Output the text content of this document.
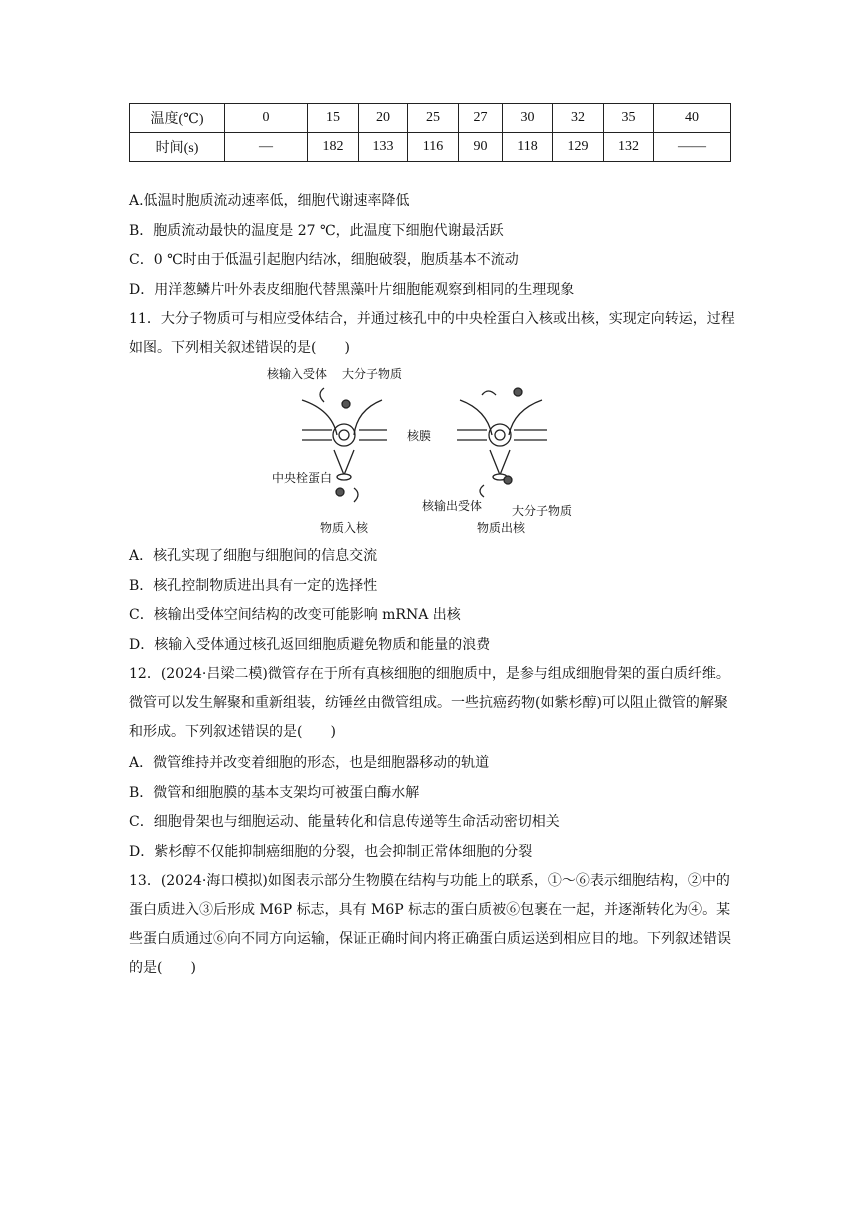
温度(℃)	0	15	20	25	27	30	32	35	40
时间(s)	—	182	133	116	90	118	129	132	——
A.低温时胞质流动速率低，细胞代谢速率降低
B．胞质流动最快的温度是 27 ℃，此温度下细胞代谢最活跃
C．0 ℃时由于低温引起胞内结冰，细胞破裂，胞质基本不流动
D．用洋葱鳞片叶外表皮细胞代替黑藻叶片细胞能观察到相同的生理现象
11．大分子物质可与相应受体结合，并通过核孔中的中央栓蛋白入核或出核，实现定向转运，过程如图。下列相关叙述错误的是(　　)
核输入受体 大分子物质
核膜
中央栓蛋白
核输出受体 大分子物质
物质入核	物质出核
A．核孔实现了细胞与细胞间的信息交流
B．核孔控制物质进出具有一定的选择性
C．核输出受体空间结构的改变可能影响 mRNA 出核
D．核输入受体通过核孔返回细胞质避免物质和能量的浪费
12．(2024·吕梁二模)微管存在于所有真核细胞的细胞质中，是参与组成细胞骨架的蛋白质纤维。微管可以发生解聚和重新组装，纺锤丝由微管组成。一些抗癌药物(如紫杉醇)可以阻止微管的解聚和形成。下列叙述错误的是(　　)
A．微管维持并改变着细胞的形态，也是细胞器移动的轨道
B．微管和细胞膜的基本支架均可被蛋白酶水解
C．细胞骨架也与细胞运动、能量转化和信息传递等生命活动密切相关
D．紫杉醇不仅能抑制癌细胞的分裂，也会抑制正常体细胞的分裂
13．(2024·海口模拟)如图表示部分生物膜在结构与功能上的联系，①～⑥表示细胞结构，②中的蛋白质进入③后形成 M6P 标志，具有 M6P 标志的蛋白质被⑥包裹在一起，并逐渐转化为④。某些蛋白质通过⑥向不同方向运输，保证正确时间内将正确蛋白质运送到相应目的地。下列叙述错误的是(　　)
